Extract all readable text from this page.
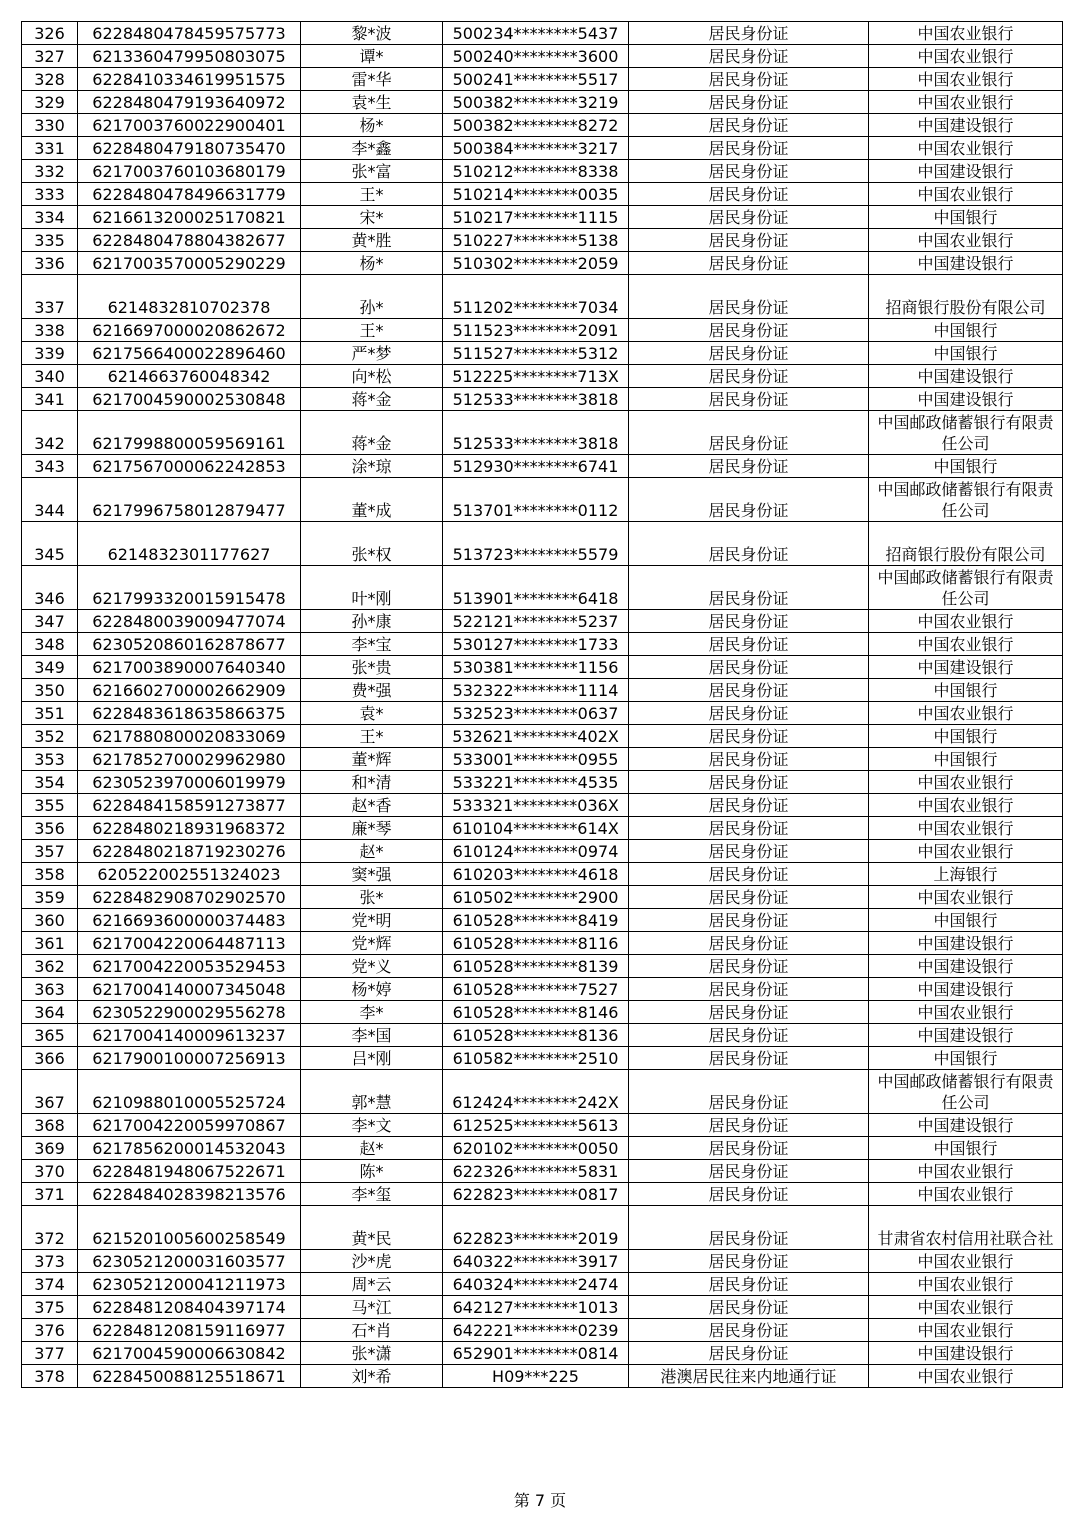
326	6228480478459575773	黎*波	500234********5437	居民身份证	中国农业银行
327	6213360479950803075	谭*	500240********3600	居民身份证	中国农业银行
328	6228410334619951575	雷*华	500241********5517	居民身份证	中国农业银行
329	6228480479193640972	袁*生	500382********3219	居民身份证	中国农业银行
330	6217003760022900401	杨*	500382********8272	居民身份证	中国建设银行
331	6228480479180735470	李*鑫	500384********3217	居民身份证	中国农业银行
332	6217003760103680179	张*富	510212********8338	居民身份证	中国建设银行
333	6228480478496631779	王*	510214********0035	居民身份证	中国农业银行
334	6216613200025170821	宋*	510217********1115	居民身份证	中国银行
335	6228480478804382677	黄*胜	510227********5138	居民身份证	中国农业银行
336	6217003570005290229	杨*	510302********2059	居民身份证	中国建设银行
337	6214832810702378	孙*	511202********7034	居民身份证	招商银行股份有限公司
338	6216697000020862672	王*	511523********2091	居民身份证	中国银行
339	6217566400022896460	严*梦	511527********5312	居民身份证	中国银行
340	6214663760048342	向*松	512225********713X	居民身份证	中国建设银行
341	6217004590002530848	蒋*金	512533********3818	居民身份证	中国建设银行
342	6217998800059569161	蒋*金	512533********3818	居民身份证	中国邮政储蓄银行有限责任公司
343	6217567000062242853	涂*琼	512930********6741	居民身份证	中国银行
344	6217996758012879477	董*成	513701********0112	居民身份证	中国邮政储蓄银行有限责任公司
345	6214832301177627	张*权	513723********5579	居民身份证	招商银行股份有限公司
346	6217993320015915478	叶*刚	513901********6418	居民身份证	中国邮政储蓄银行有限责任公司
347	6228480039009477074	孙*康	522121********5237	居民身份证	中国农业银行
348	6230520860162878677	李*宝	530127********1733	居民身份证	中国农业银行
349	6217003890007640340	张*贵	530381********1156	居民身份证	中国建设银行
350	6216602700002662909	费*强	532322********1114	居民身份证	中国银行
351	6228483618635866375	袁*	532523********0637	居民身份证	中国农业银行
352	6217880800020833069	王*	532621********402X	居民身份证	中国银行
353	6217852700029962980	董*辉	533001********0955	居民身份证	中国银行
354	6230523970006019979	和*清	533221********4535	居民身份证	中国农业银行
355	6228484158591273877	赵*香	533321********036X	居民身份证	中国农业银行
356	6228480218931968372	廉*琴	610104********614X	居民身份证	中国农业银行
357	6228480218719230276	赵*	610124********0974	居民身份证	中国农业银行
358	620522002551324023	窦*强	610203********4618	居民身份证	上海银行
359	6228482908702902570	张*	610502********2900	居民身份证	中国农业银行
360	6216693600000374483	党*明	610528********8419	居民身份证	中国银行
361	6217004220064487113	党*辉	610528********8116	居民身份证	中国建设银行
362	6217004220053529453	党*义	610528********8139	居民身份证	中国建设银行
363	6217004140007345048	杨*婷	610528********7527	居民身份证	中国建设银行
364	6230522900029556278	李*	610528********8146	居民身份证	中国农业银行
365	6217004140009613237	李*国	610528********8136	居民身份证	中国建设银行
366	6217900100007256913	吕*刚	610582********2510	居民身份证	中国银行
367	6210988010005525724	郭*慧	612424********242X	居民身份证	中国邮政储蓄银行有限责任公司
368	6217004220059970867	李*文	612525********5613	居民身份证	中国建设银行
369	6217856200014532043	赵*	620102********0050	居民身份证	中国银行
370	6228481948067522671	陈*	622326********5831	居民身份证	中国农业银行
371	6228484028398213576	李*玺	622823********0817	居民身份证	中国农业银行
372	6215201005600258549	黄*民	622823********2019	居民身份证	甘肃省农村信用社联合社
373	6230521200031603577	沙*虎	640322********3917	居民身份证	中国农业银行
374	6230521200041211973	周*云	640324********2474	居民身份证	中国农业银行
375	6228481208404397174	马*江	642127********1013	居民身份证	中国农业银行
376	6228481208159116977	石*肖	642221********0239	居民身份证	中国农业银行
377	6217004590006630842	张*潇	652901********0814	居民身份证	中国建设银行
378	6228450088125518671	刘*希	H09***225	港澳居民往来内地通行证	中国农业银行
第 7 页
